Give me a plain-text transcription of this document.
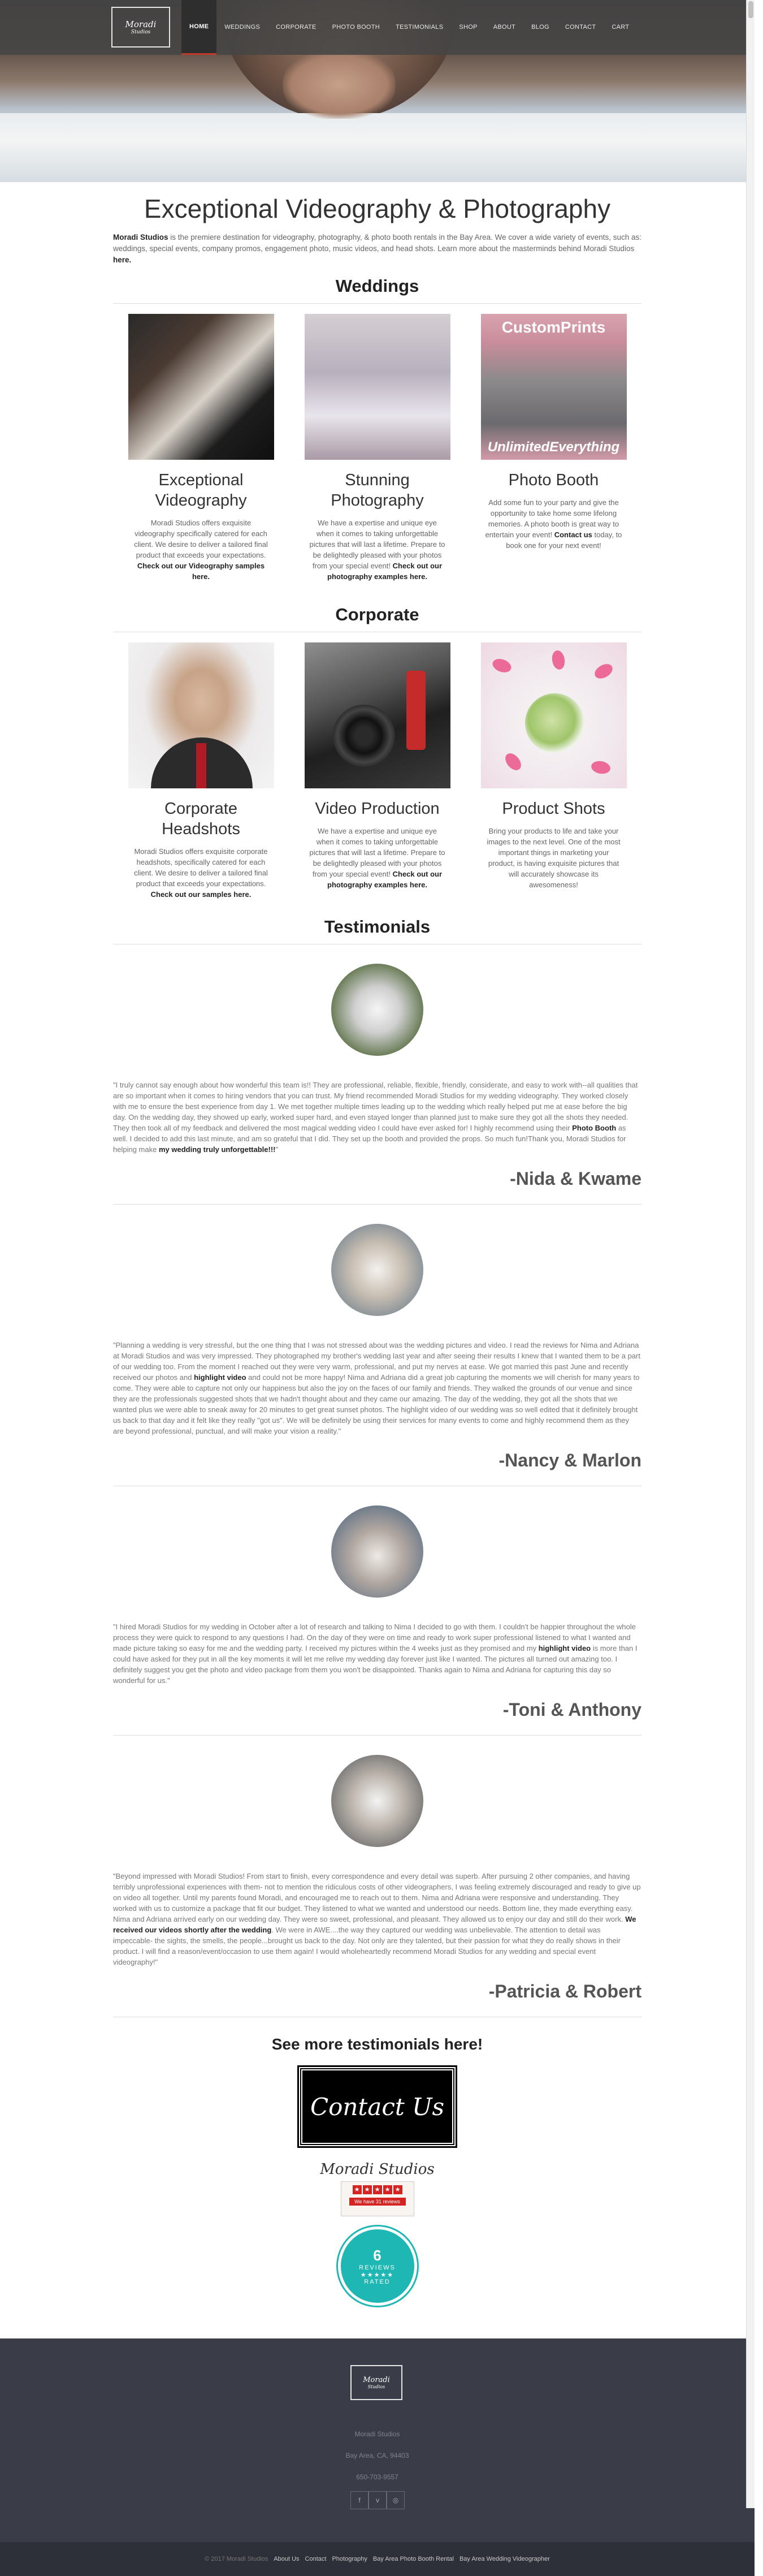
Moradi
Studios
HOME	WEDDINGS	CORPORATE	PHOTO BOOTH	TESTIMONIALS	SHOP	ABOUT	BLOG	CONTACT	CART
Exceptional Videography & Photography

Moradi Studios is the premiere destination for videography, photography, & photo booth rentals in the Bay Area. We cover a wide variety of events, such as: weddings, special events, company promos, engagement photo, music videos, and head shots. Learn more about the masterminds behind Moradi Studios here.

Weddings
Exceptional Videography

Moradi Studios offers exquisite videography specifically catered for each client. We desire to deliver a tailored final product that exceeds your expectations. Check out our Videography samples here.

Stunning Photography

We have a expertise and unique eye when it comes to taking unforgettable pictures that will last a lifetime. Prepare to be delightedly pleased with your photos from your special event! Check out our photography examples here.

CustomPrints
UnlimitedEverything
Photo Booth

Add some fun to your party and give the opportunity to take home some lifelong memories. A photo booth is great way to entertain your event! Contact us today, to book one for your next event!

Corporate
Corporate Headshots

Moradi Studios offers exquisite corporate headshots, specifically catered for each client. We desire to deliver a tailored final product that exceeds your expectations. Check out our samples here.

Video Production

We have a expertise and unique eye when it comes to taking unforgettable pictures that will last a lifetime. Prepare to be delightedly pleased with your photos from your special event! Check out our photography examples here.

Product Shots

Bring your products to life and take your images to the next level. One of the most important things in marketing your product, is having exquisite pictures that will accurately showcase its awesomeness!

Testimonials

"I truly cannot say enough about how wonderful this team is!! They are professional, reliable, flexible, friendly, considerate, and easy to work with--all qualities that are so important when it comes to hiring vendors that you can trust. My friend recommended Moradi Studios for my wedding videography. They worked closely with me to ensure the best experience from day 1. We met together multiple times leading up to the wedding which really helped put me at ease before the big day. On the wedding day, they showed up early, worked super hard, and even stayed longer than planned just to make sure they got all the shots they needed. They then took all of my feedback and delivered the most magical wedding video I could have ever asked for! I highly recommend using their Photo Booth as well. I decided to add this last minute, and am so grateful that I did. They set up the booth and provided the props. So much fun!Thank you, Moradi Studios for helping make my wedding truly unforgettable!!!"

-Nida & Kwame

"Planning a wedding is very stressful, but the one thing that I was not stressed about was the wedding pictures and video. I read the reviews for Nima and Adriana at Moradi Studios and was very impressed. They photographed my brother's wedding last year and after seeing their results I knew that I wanted them to be a part of our wedding too. From the moment I reached out they were very warm, professional, and put my nerves at ease. We got married this past June and recently received our photos and highlight video and could not be more happy! Nima and Adriana did a great job capturing the moments we will cherish for many years to come. They were able to capture not only our happiness but also the joy on the faces of our family and friends. They walked the grounds of our venue and since they are the professionals suggested shots that we hadn't thought about and they came our amazing. The day of the wedding, they got all the shots that we wanted plus we were able to sneak away for 20 minutes to get great sunset photos. The highlight video of our wedding was so well edited that it definitely brought us back to that day and it felt like they really "got us". We will be definitely be using their services for many events to come and highly recommend them as they are beyond professional, punctual, and will make your vision a reality."

-Nancy & Marlon

"I hired Moradi Studios for my wedding in October after a lot of research and talking to Nima I decided to go with them. I couldn't be happier throughout the whole process they were quick to respond to any questions I had. On the day of they were on time and ready to work super professional listened to what I wanted and made picture taking so easy for me and the wedding party. I received my pictures within the 4 weeks just as they promised and my highlight video is more than I could have asked for they put in all the key moments it will let me relive my wedding day forever just like I wanted. The pictures all turned out amazing too. I definitely suggest you get the photo and video package from them you won't be disappointed. Thanks again to Nima and Adriana for capturing this day so wonderful for us."

-Toni & Anthony

"Beyond impressed with Moradi Studios! From start to finish, every correspondence and every detail was superb. After pursuing 2 other companies, and having terribly unprofessional experiences with them- not to mention the ridiculous costs of other videographers, I was feeling extremely discouraged and ready to give up on video all together. Until my parents found Moradi, and encouraged me to reach out to them. Nima and Adriana were responsive and understanding. They worked with us to customize a package that fit our budget. They listened to what we wanted and understood our needs. Bottom line, they made everything easy. Nima and Adriana arrived early on our wedding day. They were so sweet, professional, and pleasant. They allowed us to enjoy our day and still do their work. We received our videos shortly after the wedding. We were in AWE....the way they captured our wedding was unbelievable. The attention to detail was impeccable- the sights, the smells, the people...brought us back to the day. Not only are they talented, but their passion for what they do really shows in their product. I will find a reason/event/occasion to use them again! I would wholeheartedly recommend Moradi Studios for any wedding and special event videography!"

-Patricia & Robert
See more testimonials here!
Contact Us
Moradi Studios
★ ★ ★ ★ ★
We have 31 reviews
6
REVIEWS
★★★★★
RATED
Moradi
Studios
Moradi Studios
Bay Area, CA, 94403
650-703-9557
f	v	◎
© 2017 Moradi Studios About Us Contact Photography Bay Area Photo Booth Rental Bay Area Wedding Videographer
